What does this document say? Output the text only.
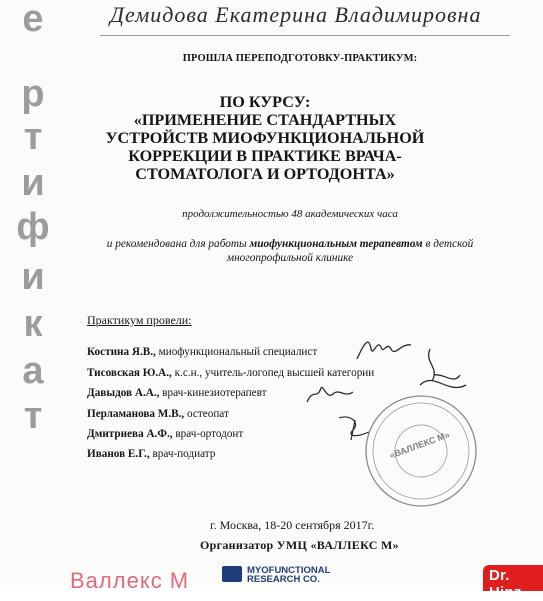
е
р
т
и
ф
и
к
а
т
Демидова Екатерина Владимировна
ПРОШЛА ПЕРЕПОДГОТОВКУ-ПРАКТИКУМ:
ПО КУРСУ:
«ПРИМЕНЕНИЕ СТАНДАРТНЫХ УСТРОЙСТВ МИОФУНКЦИОНАЛЬНОЙ КОРРЕКЦИИ В ПРАКТИКЕ ВРАЧА-СТОМАТОЛОГА И ОРТОДОНТА»
продолжительностью 48 академических часа
и рекомендована для работы миофункциональным терапевтом в детской многопрофильной клинике
Практикум провели:
Костина Я.В., миофункциональный специалист
Тисовская Ю.А., к.с.н., учитель-логопед высшей категории
Давыдов А.А., врач-кинезиотерапевт
Перламанова М.В., остеопат
Дмитриева А.Ф., врач-ортодонт
Иванов Е.Г., врач-подиатр	«ВАЛЛЕКС М»
г. Москва, 18-20 сентября 2017г.
Организатор УМЦ «ВАЛЛЕКС М»
Валлекс М	MYOFUNCTIONAL
RESEARCH CO.	Dr. Hinz
